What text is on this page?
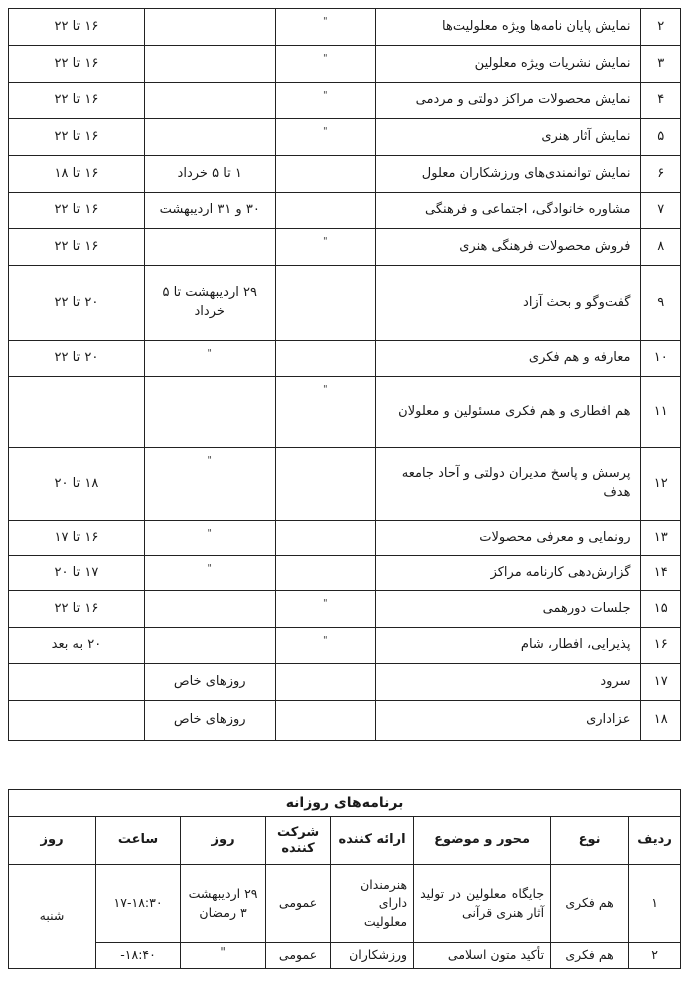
۲	نمایش پایان نامه‌ها ویژه معلولیت‌ها	"		۱۶ تا ۲۲
۳	نمایش نشریات ویژه معلولین	"		۱۶ تا ۲۲
۴	نمایش محصولات مراکز دولتی و مردمی	"		۱۶ تا ۲۲
۵	نمایش آثار هنری	"		۱۶ تا ۲۲
۶	نمایش توانمندی‌های ورزشکاران معلول		۱ تا ۵ خرداد	۱۶ تا ۱۸
۷	مشاوره خانوادگی، اجتماعی و فرهنگی		۳۰ و ۳۱ اردیبهشت	۱۶ تا ۲۲
۸	فروش محصولات فرهنگی هنری	"		۱۶ تا ۲۲
۹	گفت‌وگو و بحث آزاد		۲۹ اردیبهشت تا ۵ خرداد	۲۰ تا ۲۲
۱۰	معارفه و هم فکری		"	۲۰ تا ۲۲
۱۱	هم افطاری و هم فکری مسئولین و معلولان	"		
۱۲	پرسش و پاسخ مدیران دولتی و آحاد جامعه هدف		"	۱۸ تا ۲۰
۱۳	رونمایی و معرفی محصولات		"	۱۶ تا ۱۷
۱۴	گزارش‌دهی کارنامه مراکز		"	۱۷ تا ۲۰
۱۵	جلسات دورهمی	"		۱۶ تا ۲۲
۱۶	پذیرایی، افطار، شام	"		۲۰ به بعد
۱۷	سرود		روزهای خاص	
۱۸	عزاداری		روزهای خاص	
برنامه‌های روزانه							
ردیف	نوع	محور و موضوع	ارائه کننده	شرکت کننده	روز	ساعت	روز
۱	هم فکری	جایگاه معلولین در تولید آثار هنری قرآنی	هنرمندان دارای معلولیت	عمومی	۲۹ اردیبهشت ۳ رمضان	۱۷-۱۸:۳۰	شنبه
۲	هم فکری	تأکید متون اسلامی	ورزشکاران	عمومی	"	-۱۸:۴۰	
